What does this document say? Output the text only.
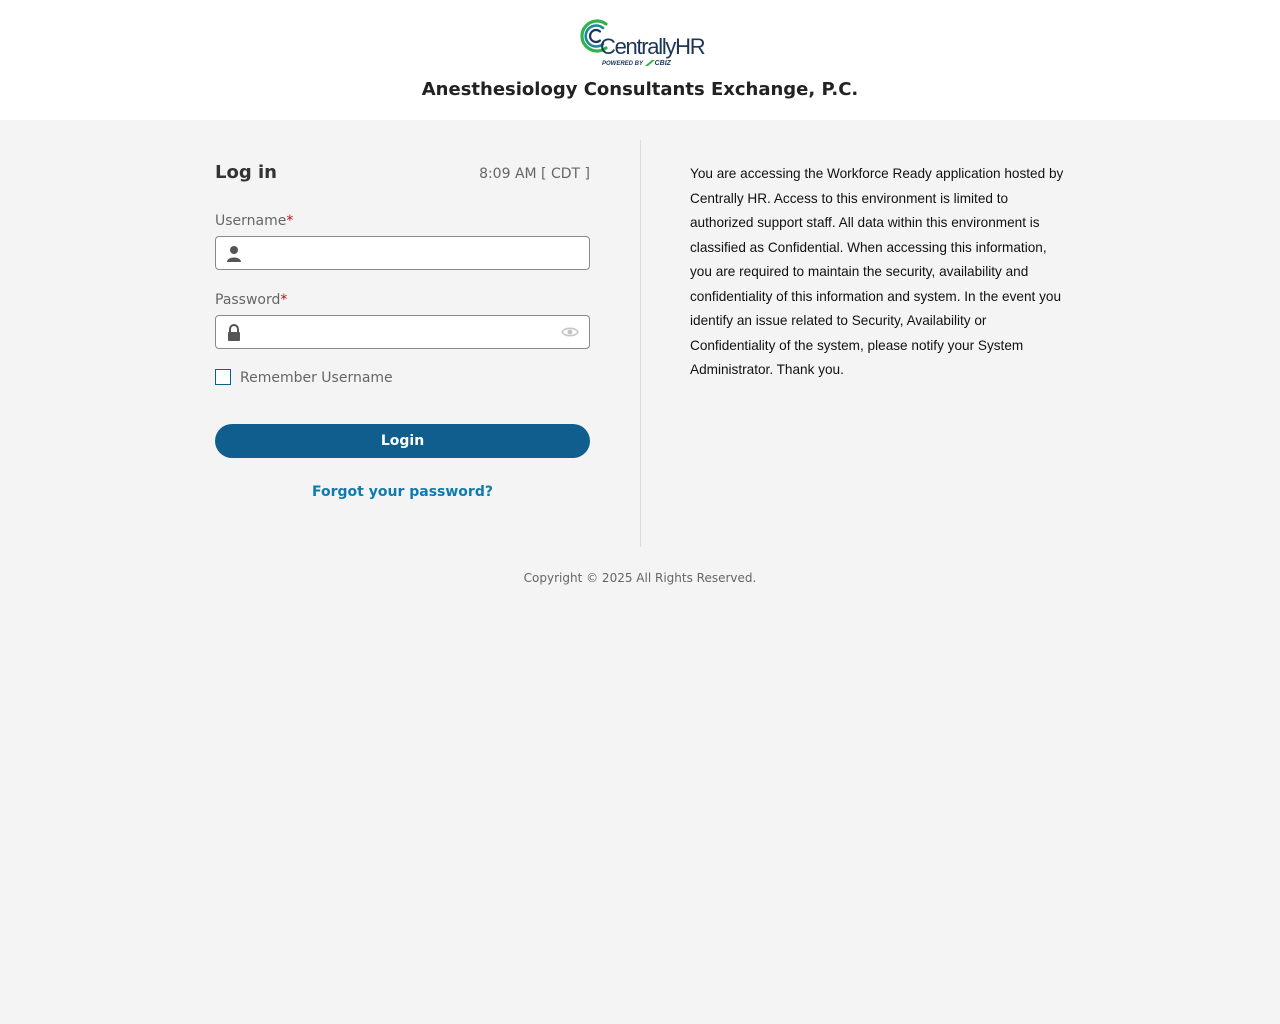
CentrallyHR
POWERED BY CBIZ
Anesthesiology Consultants Exchange, P.C.
Log in	8:09 AM [ CDT ]
Username*
Password*
Remember Username
Login
Forgot your password?

You are accessing the Workforce Ready application hosted by Centrally HR. Access to this environment is limited to authorized support staff. All data within this environment is classified as Confidential. When accessing this information, you are required to maintain the security, availability and confidentiality of this information and system. In the event you identify an issue related to Security, Availability or Confidentiality of the system, please notify your System Administrator. Thank you.

Copyright © 2025 All Rights Reserved.
